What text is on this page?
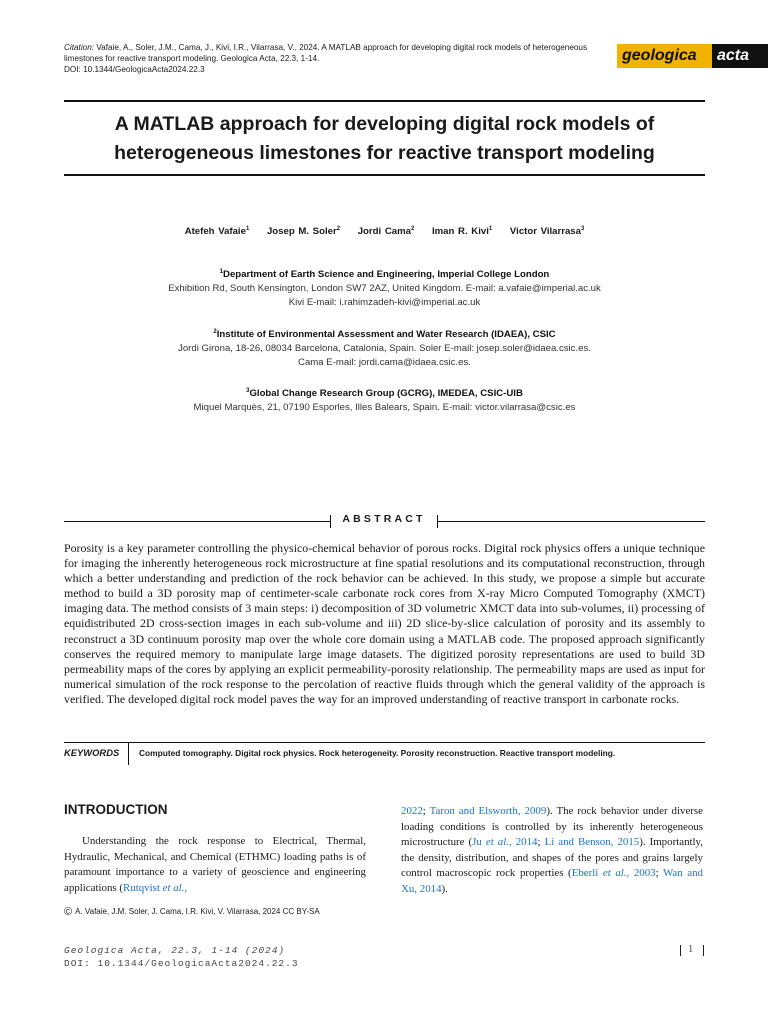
Citation: Vafaie, A., Soler, J.M., Cama, J., Kivi, I.R., Vilarrasa, V., 2024. A MATLAB approach for developing digital rock models of heterogeneous limestones for reactive transport modeling. Geologica Acta, 22.3, 1-14.
DOI: 10.1344/GeologicaActa2024.22.3
geologica acta
A MATLAB approach for developing digital rock models of
heterogeneous limestones for reactive transport modeling
Atefeh Vafaie$^1$ Josep M. Soler$^2$ Jordi Cama$^2$ Iman R. Kivi$^1$ Victor Vilarrasa$^3$
$^1$Department of Earth Science and Engineering, Imperial College London
Exhibition Rd, South Kensington, London SW7 2AZ, United Kingdom. E-mail: a.vafaie@imperial.ac.uk
Kivi E-mail: i.rahimzadeh-kivi@imperial.ac.uk
$^2$Institute of Environmental Assessment and Water Research (IDAEA), CSIC
Jordi Girona, 18-26, 08034 Barcelona, Catalonia, Spain. Soler E-mail: josep.soler@idaea.csic.es.
Cama E-mail: jordi.cama@idaea.csic.es.
$^3$Global Change Research Group (GCRG), IMEDEA, CSIC-UIB
Miquel Marquès, 21, 07190 Esporles, Illes Balears, Spain. E-mail: victor.vilarrasa@csic.es
ABSTRACT
Porosity is a key parameter controlling the physico-chemical behavior of porous rocks. Digital rock physics offers a unique technique for imaging the inherently heterogeneous rock microstructure at fine spatial resolutions and its computational reconstruction, through which a better understanding and prediction of the rock behavior can be achieved. In this study, we propose a simple but accurate method to build a 3D porosity map of centimeter-scale carbonate rock cores from X-ray Micro Computed Tomography (XMCT) imaging data. The method consists of 3 main steps: i) decomposition of 3D volumetric XMCT data into sub-volumes, ii) processing of equidistributed 2D cross-section images in each sub-volume and iii) 2D slice-by-slice calculation of porosity and its assembly to reconstruct a 3D continuum porosity map over the whole core domain using a MATLAB code. The proposed approach significantly conserves the required memory to manipulate large image datasets. The digitized porosity representations are used to build 3D permeability maps of the cores by applying an explicit permeability-porosity relationship. The permeability maps are used as input for numerical simulation of the rock response to the percolation of reactive fluids through which the general validity of the approach is verified. The developed digital rock model paves the way for an improved understanding of reactive transport in carbonate rocks.
KEYWORDS Computed tomography. Digital rock physics. Rock heterogeneity. Porosity reconstruction. Reactive transport modeling.
INTRODUCTION
Understanding the rock response to Electrical, Thermal, Hydraulic, Mechanical, and Chemical (ETHMC) loading paths is of paramount importance to a variety of geoscience and engineering applications (Rutqvist et al.,
2022; Taron and Elsworth, 2009). The rock behavior under diverse loading conditions is controlled by its inherently heterogeneous microstructure (Ju et al., 2014; Li and Benson, 2015). Importantly, the density, distribution, and shapes of the pores and grains largely control macroscopic rock properties (Eberli et al., 2003; Wan and Xu, 2014).
© A. Vafaie, J.M. Soler, J. Cama, I.R. Kivi, V. Vilarrasa, 2024 CC BY-SA
Geologica Acta, 22.3, 1-14 (2024)
DOI: 10.1344/GeologicaActa2024.22.3
1
